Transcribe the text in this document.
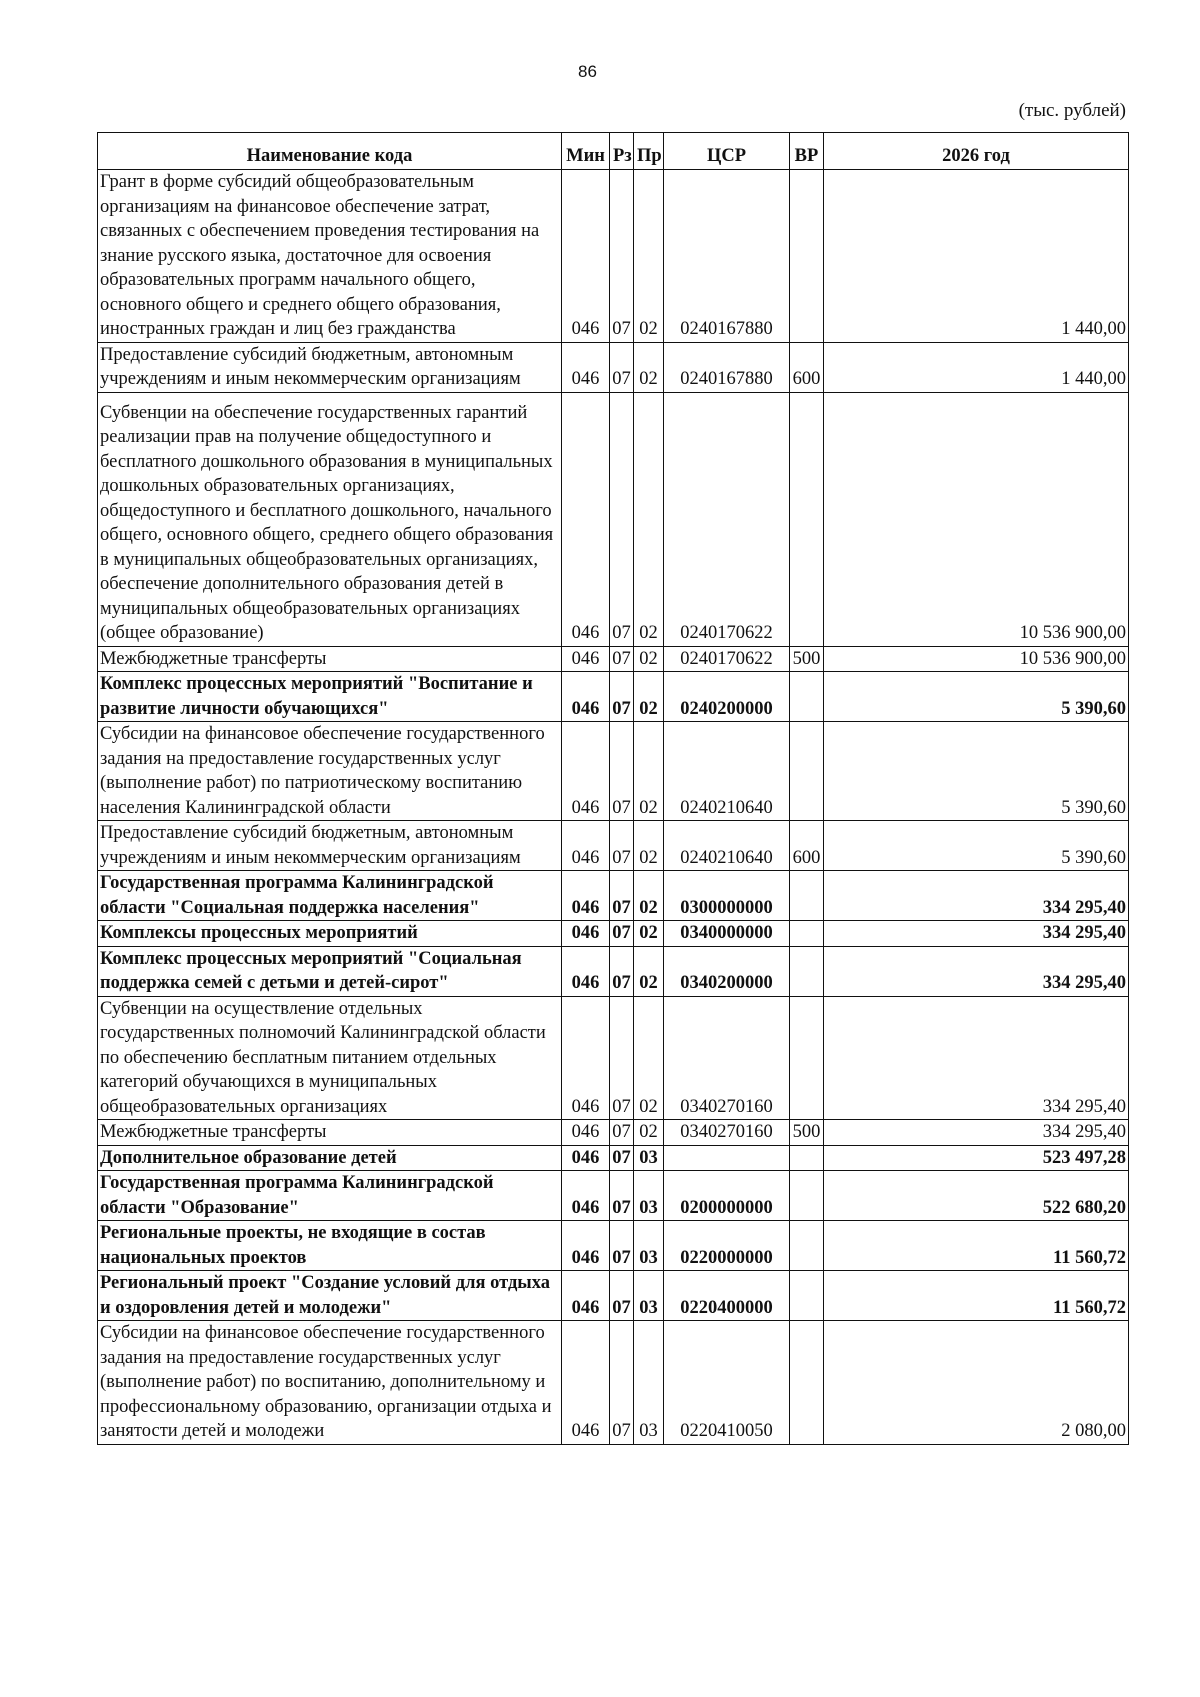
86
(тыс. рублей)
Наименование кода	Мин	Рз	Пр	ЦСР	ВР	2026 год
Грант в форме субсидий общеобразовательным организациям на финансовое обеспечение затрат, связанных с обеспечением проведения тестирования на знание русского языка, достаточное для освоения образовательных программ начального общего, основного общего и среднего общего образования, иностранных граждан и лиц без гражданства	046	07	02	0240167880		1 440,00
Предоставление субсидий бюджетным, автономным учреждениям и иным некоммерческим организациям	046	07	02	0240167880	600	1 440,00
Субвенции на обеспечение государственных гарантий реализации прав на получение общедоступного и бесплатного дошкольного образования в муниципальных дошкольных образовательных организациях, общедоступного и бесплатного дошкольного, начального общего, основного общего, среднего общего образования в муниципальных общеобразовательных организациях, обеспечение дополнительного образования детей в муниципальных общеобразовательных организациях (общее образование)	046	07	02	0240170622		10 536 900,00
Межбюджетные трансферты	046	07	02	0240170622	500	10 536 900,00
Комплекс процессных мероприятий "Воспитание и развитие личности обучающихся"	046	07	02	0240200000		5 390,60
Субсидии на финансовое обеспечение государственного задания на предоставление государственных услуг (выполнение работ) по патриотическому воспитанию населения Калининградской области	046	07	02	0240210640		5 390,60
Предоставление субсидий бюджетным, автономным учреждениям и иным некоммерческим организациям	046	07	02	0240210640	600	5 390,60
Государственная программа Калининградской области "Социальная поддержка населения"	046	07	02	0300000000		334 295,40
Комплексы процессных мероприятий	046	07	02	0340000000		334 295,40
Комплекс процессных мероприятий "Социальная поддержка семей с детьми и детей-сирот"	046	07	02	0340200000		334 295,40
Субвенции на осуществление отдельных государственных полномочий Калининградской области по обеспечению бесплатным питанием отдельных категорий обучающихся в муниципальных общеобразовательных организациях	046	07	02	0340270160		334 295,40
Межбюджетные трансферты	046	07	02	0340270160	500	334 295,40
Дополнительное образование детей	046	07	03			523 497,28
Государственная программа Калининградской области "Образование"	046	07	03	0200000000		522 680,20
Региональные проекты, не входящие в состав национальных проектов	046	07	03	0220000000		11 560,72
Региональный проект "Создание условий для отдыха и оздоровления детей и молодежи"	046	07	03	0220400000		11 560,72
Субсидии на финансовое обеспечение государственного задания на предоставление государственных услуг (выполнение работ) по воспитанию, дополнительному и профессиональному образованию, организации отдыха и занятости детей и молодежи	046	07	03	0220410050		2 080,00
